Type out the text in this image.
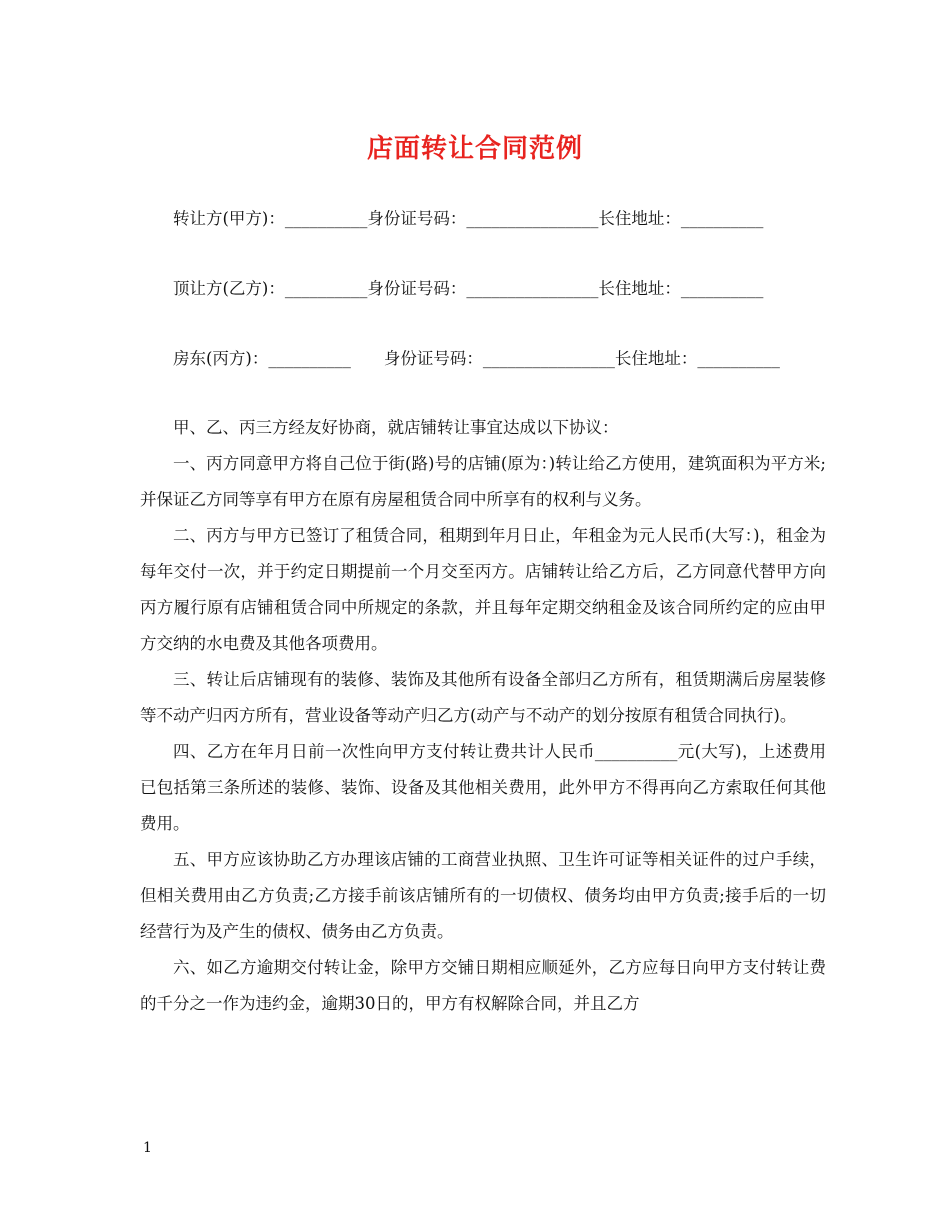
店面转让合同范例

转让方(甲方)：__________身份证号码：________________长住地址：__________

顶让方(乙方)：__________身份证号码：________________长住地址：__________

房东(丙方)：__________　　身份证号码：________________长住地址：__________

甲、乙、丙三方经友好协商，就店铺转让事宜达成以下协议：

一、丙方同意甲方将自己位于街(路)号的店铺(原为：)转让给乙方使用，建筑面积为平方米;并保证乙方同等享有甲方在原有房屋租赁合同中所享有的权利与义务。

二、丙方与甲方已签订了租赁合同，租期到年月日止，年租金为元人民币(大写：)，租金为每年交付一次，并于约定日期提前一个月交至丙方。店铺转让给乙方后，乙方同意代替甲方向丙方履行原有店铺租赁合同中所规定的条款，并且每年定期交纳租金及该合同所约定的应由甲方交纳的水电费及其他各项费用。

三、转让后店铺现有的装修、装饰及其他所有设备全部归乙方所有，租赁期满后房屋装修等不动产归丙方所有，营业设备等动产归乙方(动产与不动产的划分按原有租赁合同执行)。

四、乙方在年月日前一次性向甲方支付转让费共计人民币__________元(大写)，上述费用已包括第三条所述的装修、装饰、设备及其他相关费用，此外甲方不得再向乙方索取任何其他费用。

五、甲方应该协助乙方办理该店铺的工商营业执照、卫生许可证等相关证件的过户手续，但相关费用由乙方负责;乙方接手前该店铺所有的一切债权、债务均由甲方负责;接手后的一切经营行为及产生的债权、债务由乙方负责。

六、如乙方逾期交付转让金，除甲方交铺日期相应顺延外，乙方应每日向甲方支付转让费的千分之一作为违约金，逾期30日的，甲方有权解除合同，并且乙方

1
